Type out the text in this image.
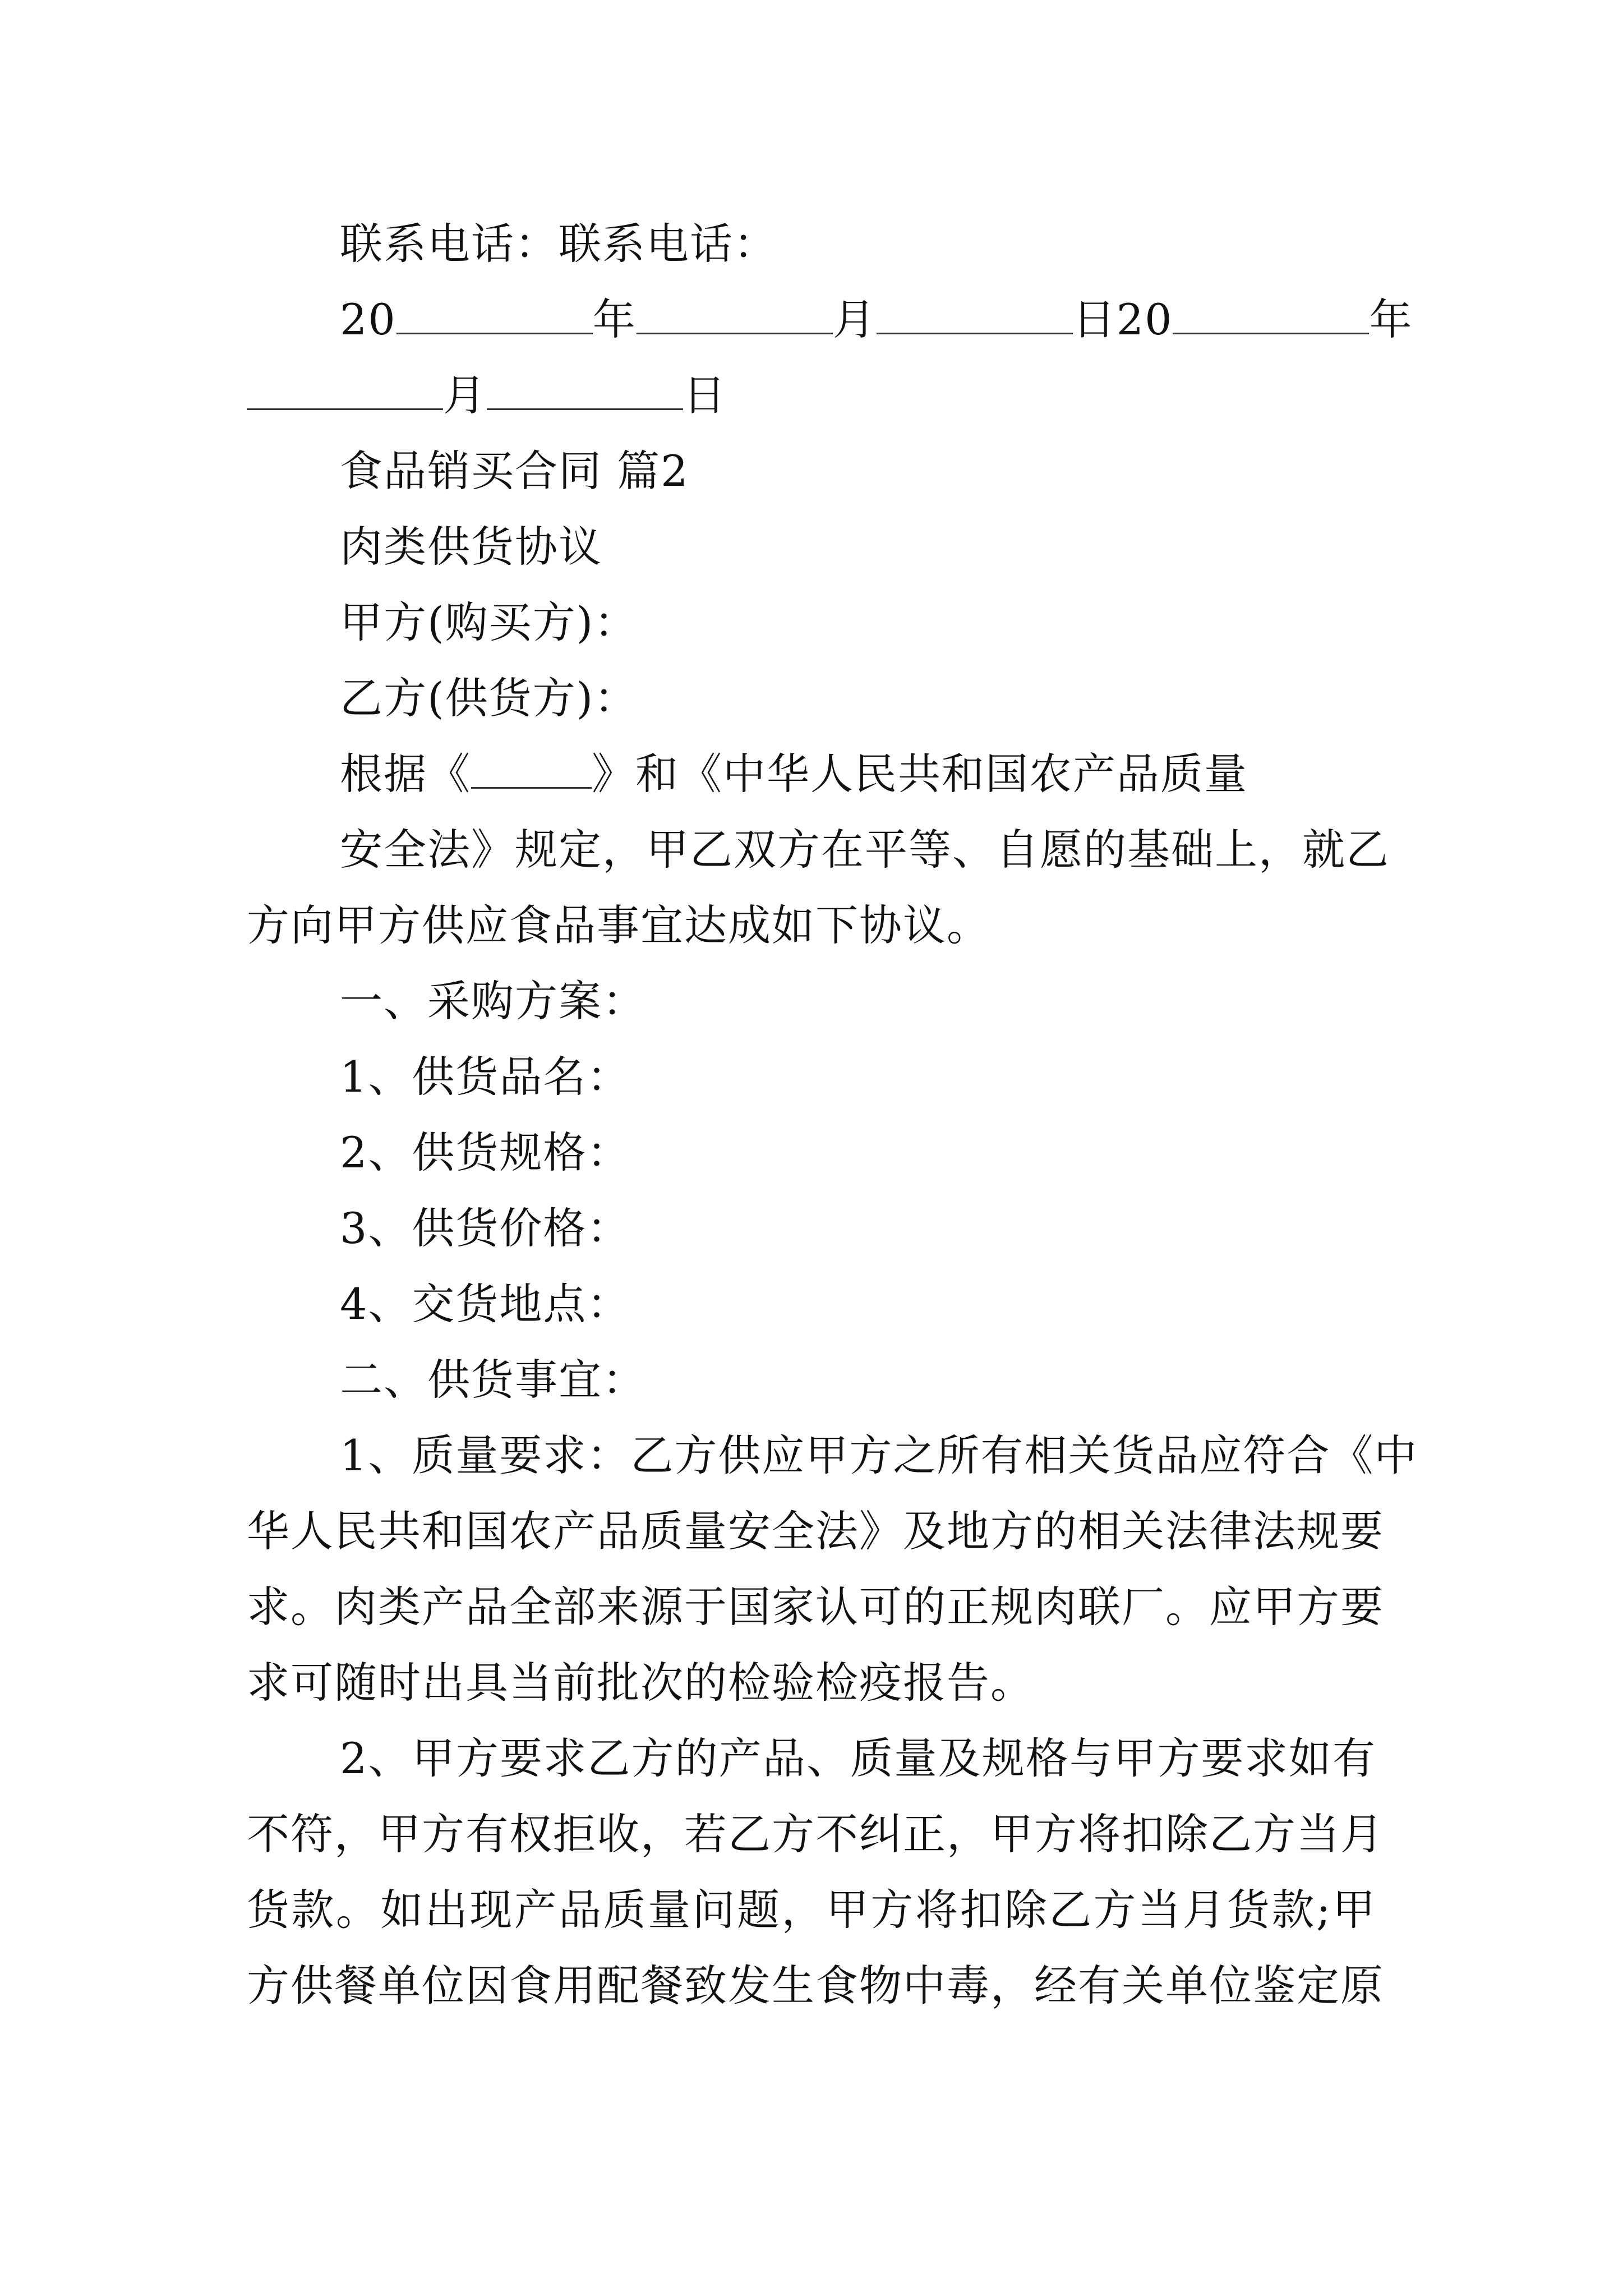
联系电话：联系电话：
20	年	月	日20	年
月	日
食品销买合同 篇2
肉类供货协议
甲方(购买方)：
乙方(供货方)：
根据《	》和《中华人民共和国农产品质量
安全法》规定，甲乙双方在平等、自愿的基础上，就乙
方向甲方供应食品事宜达成如下协议。
一、采购方案：
1、供货品名：
2、供货规格：
3、供货价格：
4、交货地点：
二、供货事宜：
1、质量要求：乙方供应甲方之所有相关货品应符合《中
华人民共和国农产品质量安全法》及地方的相关法律法规要
求。肉类产品全部来源于国家认可的正规肉联厂。应甲方要
求可随时出具当前批次的检验检疫报告。
2、甲方要求乙方的产品、质量及规格与甲方要求如有
不符，甲方有权拒收，若乙方不纠正，甲方将扣除乙方当月
货款。如出现产品质量问题，甲方将扣除乙方当月货款;甲
方供餐单位因食用配餐致发生食物中毒，经有关单位鉴定原
